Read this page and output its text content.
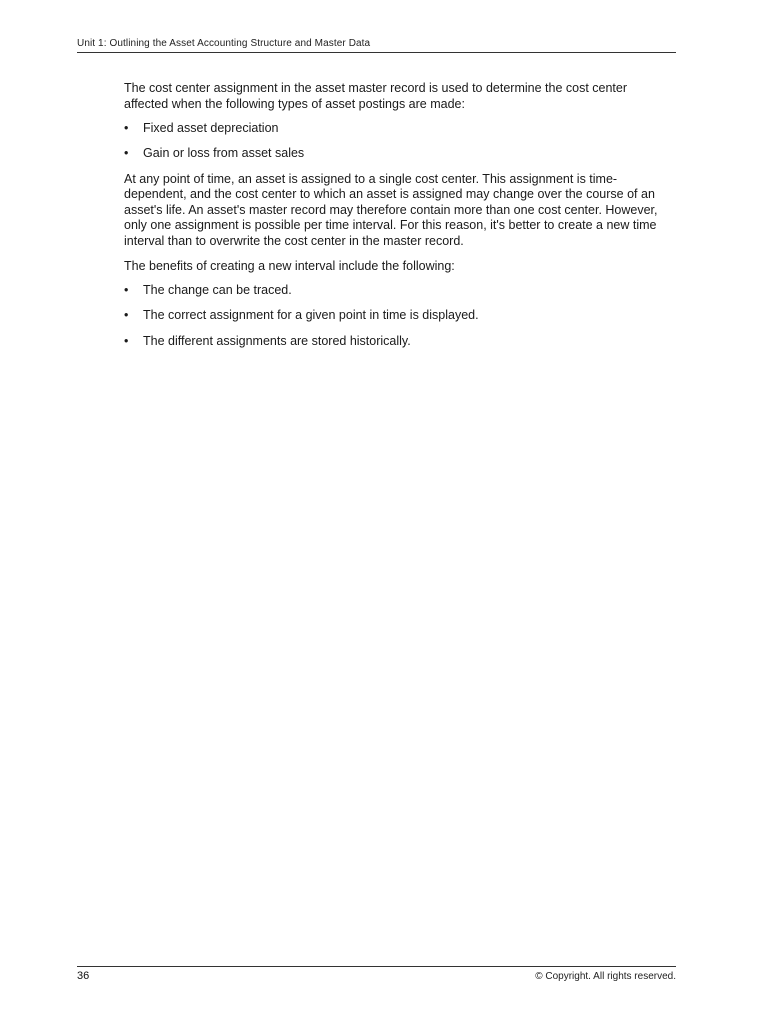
Unit 1: Outlining the Asset Accounting Structure and Master Data

The cost center assignment in the asset master record is used to determine the cost center affected when the following types of asset postings are made:

•	Fixed asset depreciation
•	Gain or loss from asset sales

At any point of time, an asset is assigned to a single cost center. This assignment is time-dependent, and the cost center to which an asset is assigned may change over the course of an asset's life. An asset's master record may therefore contain more than one cost center. However, only one assignment is possible per time interval. For this reason, it's better to create a new time interval than to overwrite the cost center in the master record.

The benefits of creating a new interval include the following:

•	The change can be traced.
•	The correct assignment for a given point in time is displayed.
•	The different assignments are stored historically.
36	© Copyright. All rights reserved.
